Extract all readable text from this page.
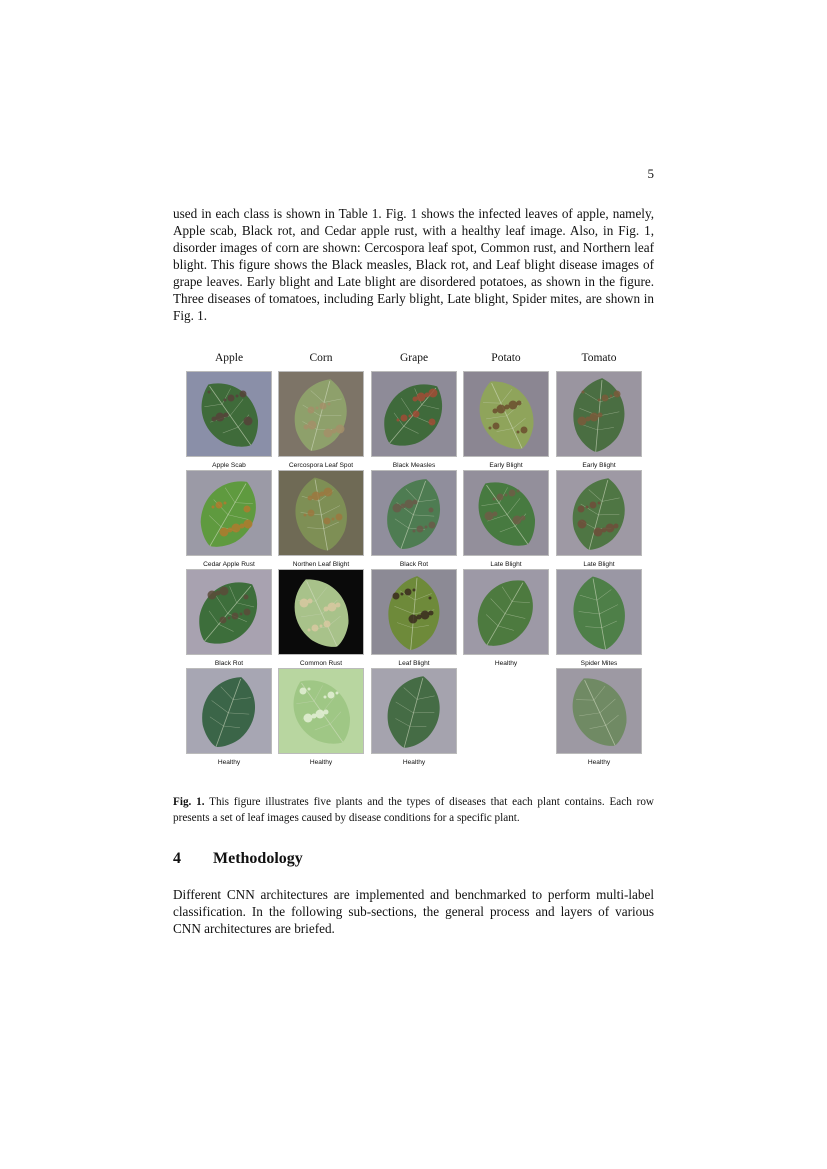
5

used in each class is shown in Table 1. Fig. 1 shows the infected leaves of apple, namely, Apple scab, Black rot, and Cedar apple rust, with a healthy leaf image. Also, in Fig. 1, disorder images of corn are shown: Cercospora leaf spot, Common rust, and Northern leaf blight. This figure shows the Black measles, Black rot, and Leaf blight disease images of grape leaves. Early blight and Late blight are disordered potatoes, as shown in the figure. Three diseases of tomatoes, including Early blight, Late blight, Spider mites, are shown in Fig. 1.

Apple
Apple Scab
Cedar Apple Rust
Black Rot
Healthy
Corn
Cercospora Leaf Spot
Northen Leaf Blight
Common Rust
Healthy
Grape
Black Measles
Black Rot
Leaf Blight
Healthy
Potato
Early Blight
Late Blight
Healthy
Tomato
Early Blight
Late Blight
Spider Mites
Healthy

Fig. 1. This figure illustrates five plants and the types of diseases that each plant contains. Each row presents a set of leaf images caused by disease conditions for a specific plant.

4 Methodology

Different CNN architectures are implemented and benchmarked to perform multi-label classification. In the following sub-sections, the general process and layers of various CNN architectures are briefed.
